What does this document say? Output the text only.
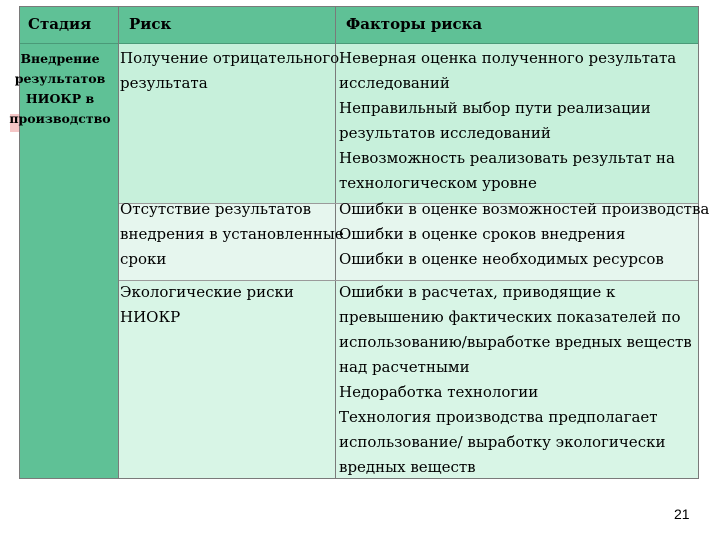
Стадия	Риск	Факторы риска
Внедрение
результатов
НИОКР в
производство
Получение отрицательного
результата
Неверная оценка полученного результата
исследований
Неправильный выбор пути реализации
результатов исследований
Невозможность реализовать результат на
технологическом уровне
Отсутствие результатов
внедрения в установленные
сроки
Ошибки в оценке возможностей производства
Ошибки в оценке сроков внедрения
Ошибки в оценке необходимых ресурсов
Экологические риски
НИОКР
Ошибки в расчетах, приводящие к
превышению фактических показателей по
использованию/выработке вредных веществ
над расчетными
Недоработка технологии
Технология производства предполагает
использование/ выработку экологически
вредных веществ
21
